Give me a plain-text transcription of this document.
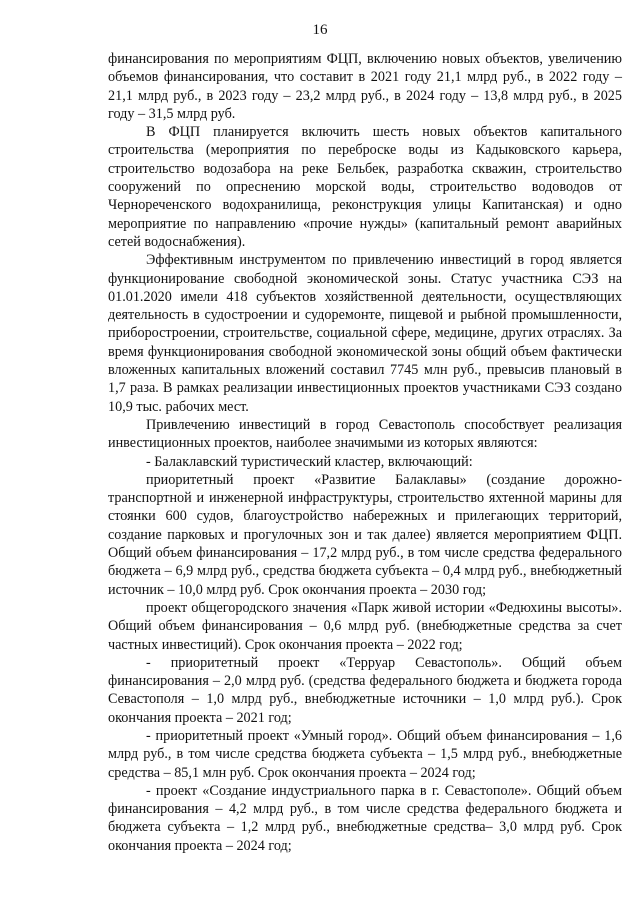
16

финансирования по мероприятиям ФЦП, включению новых объектов, увеличению объемов финансирования, что составит в 2021 году 21,1 млрд руб., в 2022 году – 21,1 млрд руб., в 2023 году – 23,2 млрд руб., в 2024 году – 13,8 млрд руб., в 2025 году – 31,5 млрд руб.

В ФЦП планируется включить шесть новых объектов капитального строительства (мероприятия по переброске воды из Кадыковского карьера, строительство водозабора на реке Бельбек, разработка скважин, строительство сооружений по опреснению морской воды, строительство водоводов от Чернореченского водохранилища, реконструкция улицы Капитанская) и одно мероприятие по направлению «прочие нужды» (капитальный ремонт аварийных сетей водоснабжения).

Эффективным инструментом по привлечению инвестиций в город является функционирование свободной экономической зоны. Статус участника СЭЗ на 01.01.2020 имели 418 субъектов хозяйственной деятельности, осуществляющих деятельность в судостроении и судоремонте, пищевой и рыбной промышленности, приборостроении, строительстве, социальной сфере, медицине, других отраслях. За время функционирования свободной экономической зоны общий объем фактически вложенных капитальных вложений составил 7745 млн руб., превысив плановый в 1,7 раза. В рамках реализации инвестиционных проектов участниками СЭЗ создано 10,9 тыс. рабочих мест.

Привлечению инвестиций в город Севастополь способствует реализация инвестиционных проектов, наиболее значимыми из которых являются:

- Балаклавский туристический кластер, включающий:

приоритетный проект «Развитие Балаклавы» (создание дорожно-транспортной и инженерной инфраструктуры, строительство яхтенной марины для стоянки 600 судов, благоустройство набережных и прилегающих территорий, создание парковых и прогулочных зон и так далее) является мероприятием ФЦП. Общий объем финансирования – 17,2 млрд руб., в том числе средства федерального бюджета – 6,9 млрд руб., средства бюджета субъекта – 0,4 млрд руб., внебюджетный источник – 10,0 млрд руб. Срок окончания проекта – 2030 год;

проект общегородского значения «Парк живой истории «Федюхины высоты». Общий объем финансирования – 0,6 млрд руб. (внебюджетные средства за счет частных инвестиций). Срок окончания проекта – 2022 год;

- приоритетный проект «Терруар Севастополь». Общий объем финансирования – 2,0 млрд руб. (средства федерального бюджета и бюджета города Севастополя – 1,0 млрд руб., внебюджетные источники – 1,0 млрд руб.). Срок окончания проекта – 2021 год;

- приоритетный проект «Умный город». Общий объем финансирования – 1,6 млрд руб., в том числе средства бюджета субъекта – 1,5 млрд руб., внебюджетные средства – 85,1 млн руб. Срок окончания проекта – 2024 год;

- проект «Создание индустриального парка в г. Севастополе». Общий объем финансирования – 4,2 млрд руб., в том числе средства федерального бюджета и бюджета субъекта – 1,2 млрд руб., внебюджетные средства– 3,0 млрд руб. Срок окончания проекта – 2024 год;
